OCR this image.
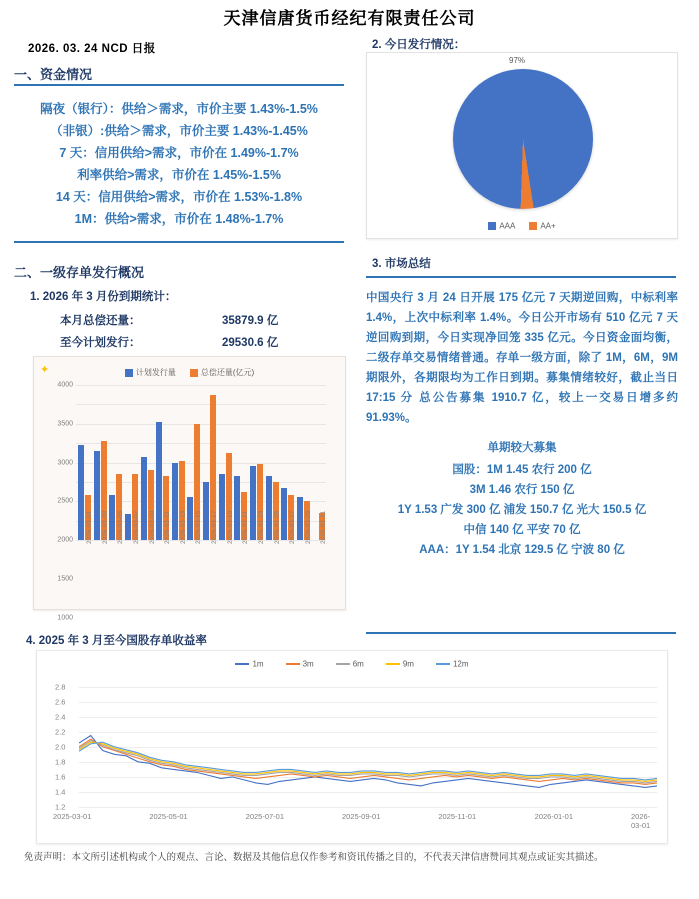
天津信唐货币经纪有限责任公司
2026. 03. 24 NCD 日报
一、资金情况
隔夜（银行）：供给＞需求，市价主要 1.43%-1.5%
（非银）:供给＞需求，市价主要 1.43%-1.45%
7 天：信用供给>需求，市价在 1.49%-1.7%
利率供给>需求，市价在 1.45%-1.5%
14 天：信用供给>需求，市价在 1.53%-1.8%
1M：供给>需求，市价在 1.48%-1.7%
二、一级存单发行概况
1. 2026 年 3 月份到期统计：
本月总偿还量：	35879.9 亿
至今计划发行：	29530.6 亿
✦	计划发行量	总偿还量(亿元)
4000
3500
3000
2500
2000
1500
1000
2026-03-01 2026-03-03 2026-03-05 2026-03-07 2026-03-09 2026-03-11 2026-03-13 2026-03-15 2026-03-17 2026-03-19 2026-03-21 2026-03-23 2026-03-25 2026-03-27 2026-03-29 2026-03-31
2. 今日发行情况：
97%
AAA	AA+
3. 市场总结
中国央行 3 月 24 日开展 175 亿元 7 天期逆回购，中标利率 1.4%，上次中标利率 1.4%。今日公开市场有 510 亿元 7 天逆回购到期，今日实现净回笼 335 亿元。今日资金面均衡，二级存单交易情绪普通。存单一级方面，除了 1M，6M，9M 期限外，各期限均为工作日到期。募集情绪较好，截止当日 17:15 分 总公告募集 1910.7 亿，较上一交易日增多约 91.93%。
单期较大募集
国股：1M 1.45 农行 200 亿
3M 1.46 农行 150 亿
1Y 1.53 广发 300 亿 浦发 150.7 亿 光大 150.5 亿
中信 140 亿 平安 70 亿
AAA：1Y 1.54 北京 129.5 亿 宁波 80 亿
4. 2025 年 3 月至今国股存单收益率
1m	3m	6m	9m	12m
1.2
1.4
1.6
1.8
2.0
2.2
2.4
2.6
2.8
2025-03-01	2025-05-01	2025-07-01	2025-09-01	2025-11-01	2026-01-01	2026-03-01
免责声明：本文所引述机构或个人的观点、言论、数据及其他信息仅作参考和资讯传播之目的，不代表天津信唐赞同其观点或证实其描述。
